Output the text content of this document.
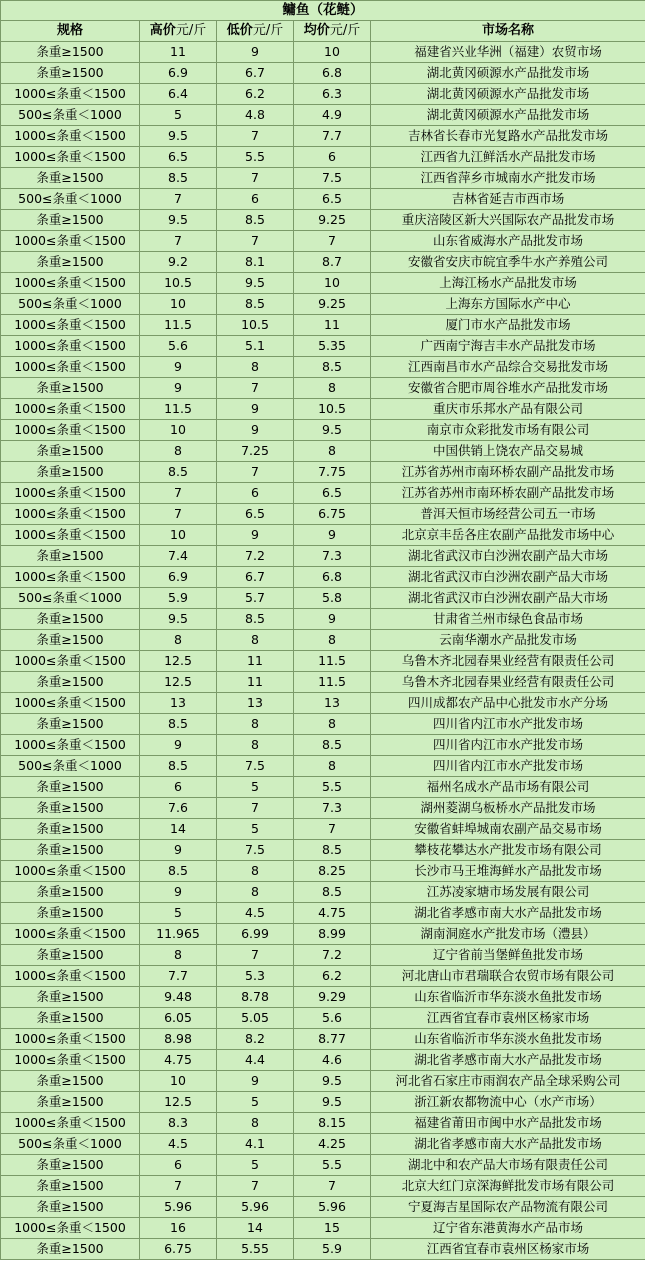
鳙鱼（花鲢）				
规格	高价元/斤	低价元/斤	均价元/斤	市场名称
条重≥1500	11	9	10	福建省兴业华洲（福建）农贸市场
条重≥1500	6.9	6.7	6.8	湖北黄冈硕源水产品批发市场
1000≤条重＜1500	6.4	6.2	6.3	湖北黄冈硕源水产品批发市场
500≤条重＜1000	5	4.8	4.9	湖北黄冈硕源水产品批发市场
1000≤条重＜1500	9.5	7	7.7	吉林省长春市光复路水产品批发市场
1000≤条重＜1500	6.5	5.5	6	江西省九江鲜活水产品批发市场
条重≥1500	8.5	7	7.5	江西省萍乡市城南水产批发市场
500≤条重＜1000	7	6	6.5	吉林省延吉市西市场
条重≥1500	9.5	8.5	9.25	重庆涪陵区新大兴国际农产品批发市场
1000≤条重＜1500	7	7	7	山东省威海水产品批发市场
条重≥1500	9.2	8.1	8.7	安徽省安庆市皖宜季牛水产养殖公司
1000≤条重＜1500	10.5	9.5	10	上海江杨水产品批发市场
500≤条重＜1000	10	8.5	9.25	上海东方国际水产中心
1000≤条重＜1500	11.5	10.5	11	厦门市水产品批发市场
1000≤条重＜1500	5.6	5.1	5.35	广西南宁海吉丰水产品批发市场
1000≤条重＜1500	9	8	8.5	江西南昌市水产品综合交易批发市场
条重≥1500	9	7	8	安徽省合肥市周谷堆水产品批发市场
1000≤条重＜1500	11.5	9	10.5	重庆市乐邦水产品有限公司
1000≤条重＜1500	10	9	9.5	南京市众彩批发市场有限公司
条重≥1500	8	7.25	8	中国供销上饶农产品交易城
条重≥1500	8.5	7	7.75	江苏省苏州市南环桥农副产品批发市场
1000≤条重＜1500	7	6	6.5	江苏省苏州市南环桥农副产品批发市场
1000≤条重＜1500	7	6.5	6.75	普洱天恒市场经营公司五一市场
1000≤条重＜1500	10	9	9	北京京丰岳各庄农副产品批发市场中心
条重≥1500	7.4	7.2	7.3	湖北省武汉市白沙洲农副产品大市场
1000≤条重＜1500	6.9	6.7	6.8	湖北省武汉市白沙洲农副产品大市场
500≤条重＜1000	5.9	5.7	5.8	湖北省武汉市白沙洲农副产品大市场
条重≥1500	9.5	8.5	9	甘肃省兰州市绿色食品市场
条重≥1500	8	8	8	云南华潮水产品批发市场
1000≤条重＜1500	12.5	11	11.5	乌鲁木齐北园春果业经营有限责任公司
条重≥1500	12.5	11	11.5	乌鲁木齐北园春果业经营有限责任公司
1000≤条重＜1500	13	13	13	四川成都农产品中心批发市水产分场
条重≥1500	8.5	8	8	四川省内江市水产批发市场
1000≤条重＜1500	9	8	8.5	四川省内江市水产批发市场
500≤条重＜1000	8.5	7.5	8	四川省内江市水产批发市场
条重≥1500	6	5	5.5	福州名成水产品市场有限公司
条重≥1500	7.6	7	7.3	湖州菱湖乌板桥水产品批发市场
条重≥1500	14	5	7	安徽省蚌埠城南农副产品交易市场
条重≥1500	9	7.5	8.5	攀枝花攀达水产批发市场有限公司
1000≤条重＜1500	8.5	8	8.25	长沙市马王堆海鲜水产品批发市场
条重≥1500	9	8	8.5	江苏凌家塘市场发展有限公司
条重≥1500	5	4.5	4.75	湖北省孝感市南大水产品批发市场
1000≤条重＜1500	11.965	6.99	8.99	湖南洞庭水产批发市场（澧县）
条重≥1500	8	7	7.2	辽宁省前当堡鲜鱼批发市场
1000≤条重＜1500	7.7	5.3	6.2	河北唐山市君瑞联合农贸市场有限公司
条重≥1500	9.48	8.78	9.29	山东省临沂市华东淡水鱼批发市场
条重≥1500	6.05	5.05	5.6	江西省宜春市袁州区杨家市场
1000≤条重＜1500	8.98	8.2	8.77	山东省临沂市华东淡水鱼批发市场
1000≤条重＜1500	4.75	4.4	4.6	湖北省孝感市南大水产品批发市场
条重≥1500	10	9	9.5	河北省石家庄市雨润农产品全球采购公司
条重≥1500	12.5	5	9.5	浙江新农都物流中心（水产市场）
1000≤条重＜1500	8.3	8	8.15	福建省莆田市闽中水产品批发市场
500≤条重＜1000	4.5	4.1	4.25	湖北省孝感市南大水产品批发市场
条重≥1500	6	5	5.5	湖北中和农产品大市场有限责任公司
条重≥1500	7	7	7	北京大红门京深海鲜批发市场有限公司
条重≥1500	5.96	5.96	5.96	宁夏海吉星国际农产品物流有限公司
1000≤条重＜1500	16	14	15	辽宁省东港黄海水产品市场
条重≥1500	6.75	5.55	5.9	江西省宜春市袁州区杨家市场
